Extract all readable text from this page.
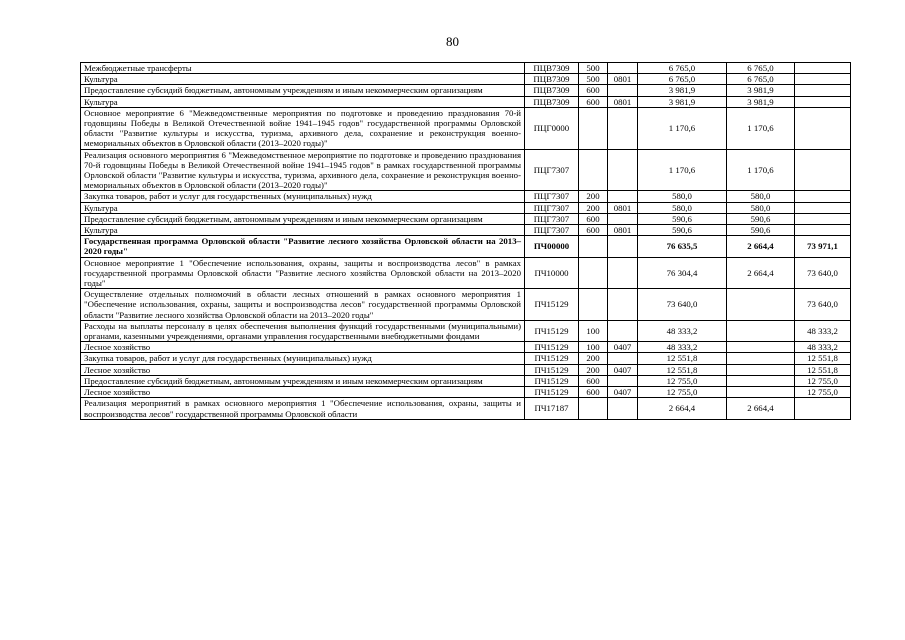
80
Межбюджетные трансферты	ПЦВ7309	500		6 765,0	6 765,0	
Культура	ПЦВ7309	500	0801	6 765,0	6 765,0	
Предоставление субсидий бюджетным, автономным учреждениям и иным некоммерческим организациям	ПЦВ7309	600		3 981,9	3 981,9	
Культура	ПЦВ7309	600	0801	3 981,9	3 981,9	
Основное мероприятие 6 "Межведомственные мероприятия по подготовке и проведению празднования 70-й годовщины Победы в Великой Отечественной войне 1941–1945 годов" государственной программы Орловской области "Развитие культуры и искусства, туризма, архивного дела, сохранение и реконструкция военно-мемориальных объектов в Орловской области (2013–2020 годы)"	ПЦГ0000			1 170,6	1 170,6	
Реализация основного мероприятия 6 "Межведомственное мероприятие по подготовке и проведению празднования 70-й годовщины Победы в Великой Отечественной войне 1941–1945 годов" в рамках государственной программы Орловской области "Развитие культуры и искусства, туризма, архивного дела, сохранение и реконструкция военно-мемориальных объектов в Орловской области (2013–2020 годы)"	ПЦГ7307			1 170,6	1 170,6	
Закупка товаров, работ и услуг для государственных (муниципальных) нужд	ПЦГ7307	200		580,0	580,0	
Культура	ПЦГ7307	200	0801	580,0	580,0	
Предоставление субсидий бюджетным, автономным учреждениям и иным некоммерческим организациям	ПЦГ7307	600		590,6	590,6	
Культура	ПЦГ7307	600	0801	590,6	590,6	
Государственная программа Орловской области "Развитие лесного хозяйства Орловской области на 2013–2020 годы"	ПЧ00000			76 635,5	2 664,4	73 971,1
Основное мероприятие 1 "Обеспечение использования, охраны, защиты и воспроизводства лесов" в рамках государственной программы Орловской области "Развитие лесного хозяйства Орловской области на 2013–2020 годы"	ПЧ10000			76 304,4	2 664,4	73 640,0
Осуществление отдельных полномочий в области лесных отношений в рамках основного мероприятия 1 "Обеспечение использования, охраны, защиты и воспроизводства лесов" государственной программы Орловской области "Развитие лесного хозяйства Орловской области на 2013–2020 годы"	ПЧ15129			73 640,0		73 640,0
Расходы на выплаты персоналу в целях обеспечения выполнения функций государственными (муниципальными) органами, казенными учреждениями, органами управления государственными внебюджетными фондами	ПЧ15129	100		48 333,2		48 333,2
Лесное хозяйство	ПЧ15129	100	0407	48 333,2		48 333,2
Закупка товаров, работ и услуг для государственных (муниципальных) нужд	ПЧ15129	200		12 551,8		12 551,8
Лесное хозяйство	ПЧ15129	200	0407	12 551,8		12 551,8
Предоставление субсидий бюджетным, автономным учреждениям и иным некоммерческим организациям	ПЧ15129	600		12 755,0		12 755,0
Лесное хозяйство	ПЧ15129	600	0407	12 755,0		12 755,0
Реализация мероприятий в рамках основного мероприятия 1 "Обеспечение использования, охраны, защиты и воспроизводства лесов" государственной программы Орловской области	ПЧ17187			2 664,4	2 664,4	
